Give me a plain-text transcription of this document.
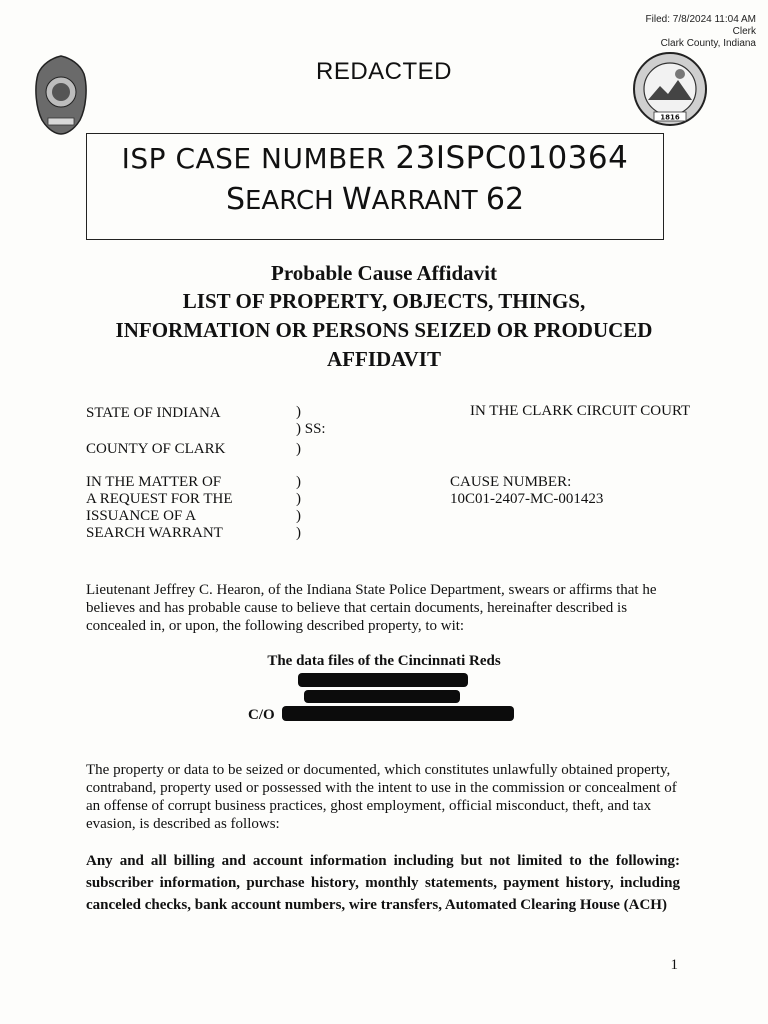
Filed: 7/8/2024 11:04 AM
Clerk
Clark County, Indiana
REDACTED
1816
ISP CASE NUMBER 23ISPC010364
SEARCH WARRANT 62
Probable Cause Affidavit
LIST OF PROPERTY, OBJECTS, THINGS,
INFORMATION OR PERSONS SEIZED OR PRODUCED
AFFIDAVIT
STATE OF INDIANA	)
) SS:
IN THE CLARK CIRCUIT COURT
COUNTY OF CLARK	)
IN THE MATTER OF
A REQUEST FOR THE
ISSUANCE OF A
SEARCH WARRANT
)
)
)
)
CAUSE NUMBER:
10C01-2407-MC-001423
Lieutenant Jeffrey C. Hearon, of the Indiana State Police Department, swears or affirms that he believes and has probable cause to believe that certain documents, hereinafter described is concealed in, or upon, the following described property, to wit:
The data files of the Cincinnati Reds
C/O
The property or data to be seized or documented, which constitutes unlawfully obtained property, contraband, property used or possessed with the intent to use in the commission or concealment of an offense of corrupt business practices, ghost employment, official misconduct, theft, and tax evasion, is described as follows:
Any and all billing and account information including but not limited to the following: subscriber information, purchase history, monthly statements, payment history, including canceled checks, bank account numbers, wire transfers, Automated Clearing House (ACH)
1
